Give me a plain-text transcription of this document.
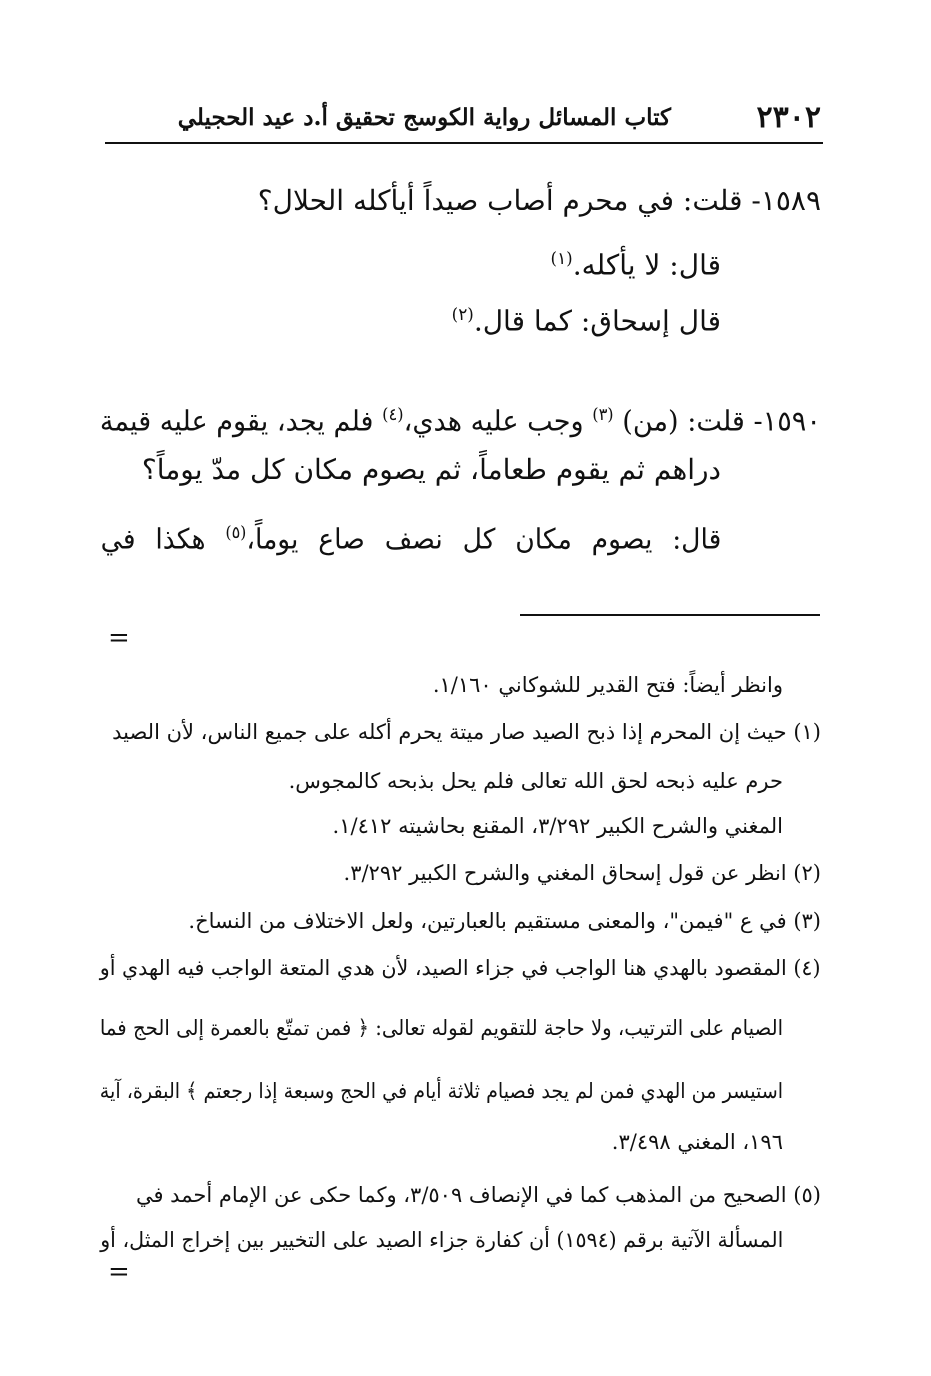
٢٣٠٢
كتاب المسائل رواية الكوسج تحقيق أ.د عيد الحجيلي
١٥٨٩- قلت: في محرم أصاب صيداً أيأكله الحلال؟
قال: لا يأكله.$^{(١)}$
قال إسحاق: كما قال.$^{(٢)}$
١٥٩٠- قلت: (من) $^{(٣)}$ وجب عليه هدي،$^{(٤)}$ فلم يجد، يقوم عليه قيمة
دراهم ثم يقوم طعاماً، ثم يصوم مكان كل مدّ يوماً؟
قال: يصوم مكان كل نصف صاع يوماً،$^{(٥)}$ هكذا في
=
وانظر أيضاً: فتح القدير للشوكاني ١/١٦٠.
(١) حيث إن المحرم إذا ذبح الصيد صار ميتة يحرم أكله على جميع الناس، لأن الصيد
حرم عليه ذبحه لحق الله تعالى فلم يحل بذبحه كالمجوس.
المغني والشرح الكبير ٣/٢٩٢، المقنع بحاشيته ١/٤١٢.
(٢) انظر عن قول إسحاق المغني والشرح الكبير ٣/٢٩٢.
(٣) في ع "فيمن"، والمعنى مستقيم بالعبارتين، ولعل الاختلاف من النساخ.
(٤) المقصود بالهدي هنا الواجب في جزاء الصيد، لأن هدي المتعة الواجب فيه الهدي أو
الصيام على الترتيب، ولا حاجة للتقويم لقوله تعالى: ﴿ فمن تمتّع بالعمرة إلى الحج فما
استيسر من الهدي فمن لم يجد فصيام ثلاثة أيام في الحج وسبعة إذا رجعتم ﴾ البقرة، آية
١٩٦، المغني ٣/٤٩٨.
(٥) الصحيح من المذهب كما في الإنصاف ٣/٥٠٩، وكما حكى عن الإمام أحمد في
المسألة الآتية برقم (١٥٩٤) أن كفارة جزاء الصيد على التخيير بين إخراج المثل، أو
=
